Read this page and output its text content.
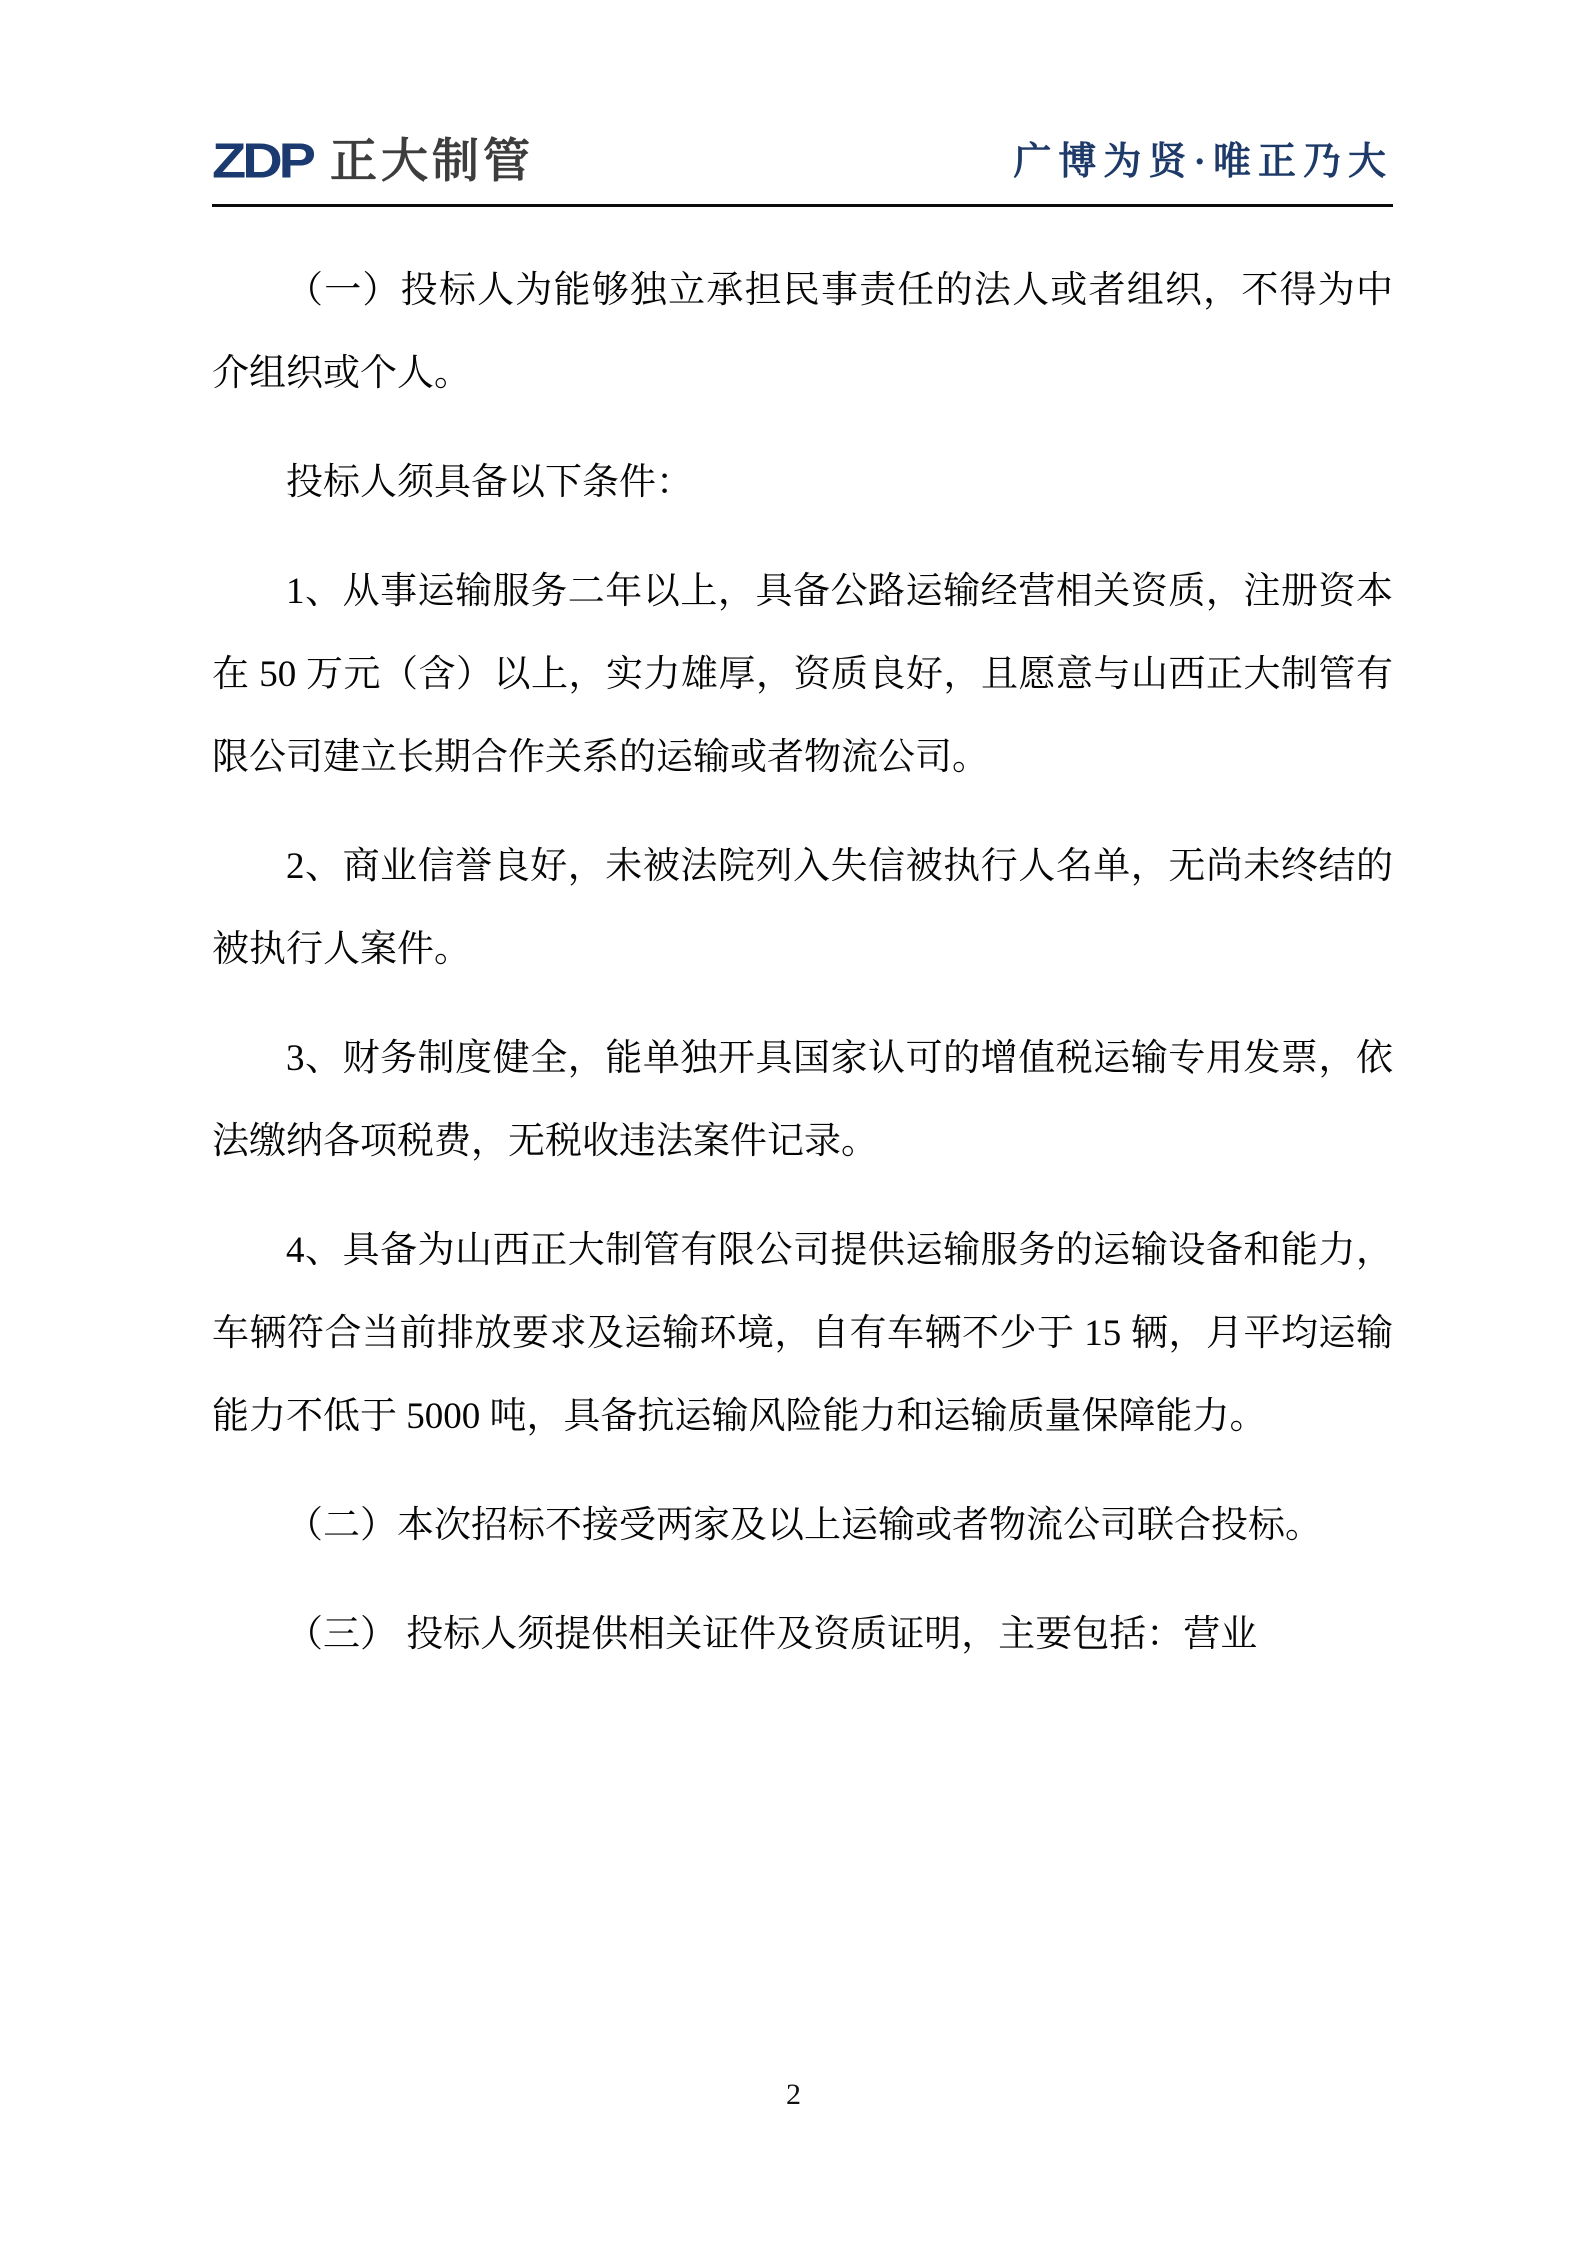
ZDP 正大制管	广博为贤·唯正乃大

（一）投标人为能够独立承担民事责任的法人或者组织，不得为中介组织或个人。

投标人须具备以下条件：

1、从事运输服务二年以上，具备公路运输经营相关资质，注册资本在 50 万元（含）以上，实力雄厚，资质良好，且愿意与山西正大制管有限公司建立长期合作关系的运输或者物流公司。

2、商业信誉良好，未被法院列入失信被执行人名单，无尚未终结的被执行人案件。

3、财务制度健全，能单独开具国家认可的增值税运输专用发票，依法缴纳各项税费，无税收违法案件记录。

4、具备为山西正大制管有限公司提供运输服务的运输设备和能力，车辆符合当前排放要求及运输环境，自有车辆不少于 15 辆，月平均运输能力不低于 5000 吨，具备抗运输风险能力和运输质量保障能力。

（二）本次招标不接受两家及以上运输或者物流公司联合投标。

（三） 投标人须提供相关证件及资质证明，主要包括：营业

2
